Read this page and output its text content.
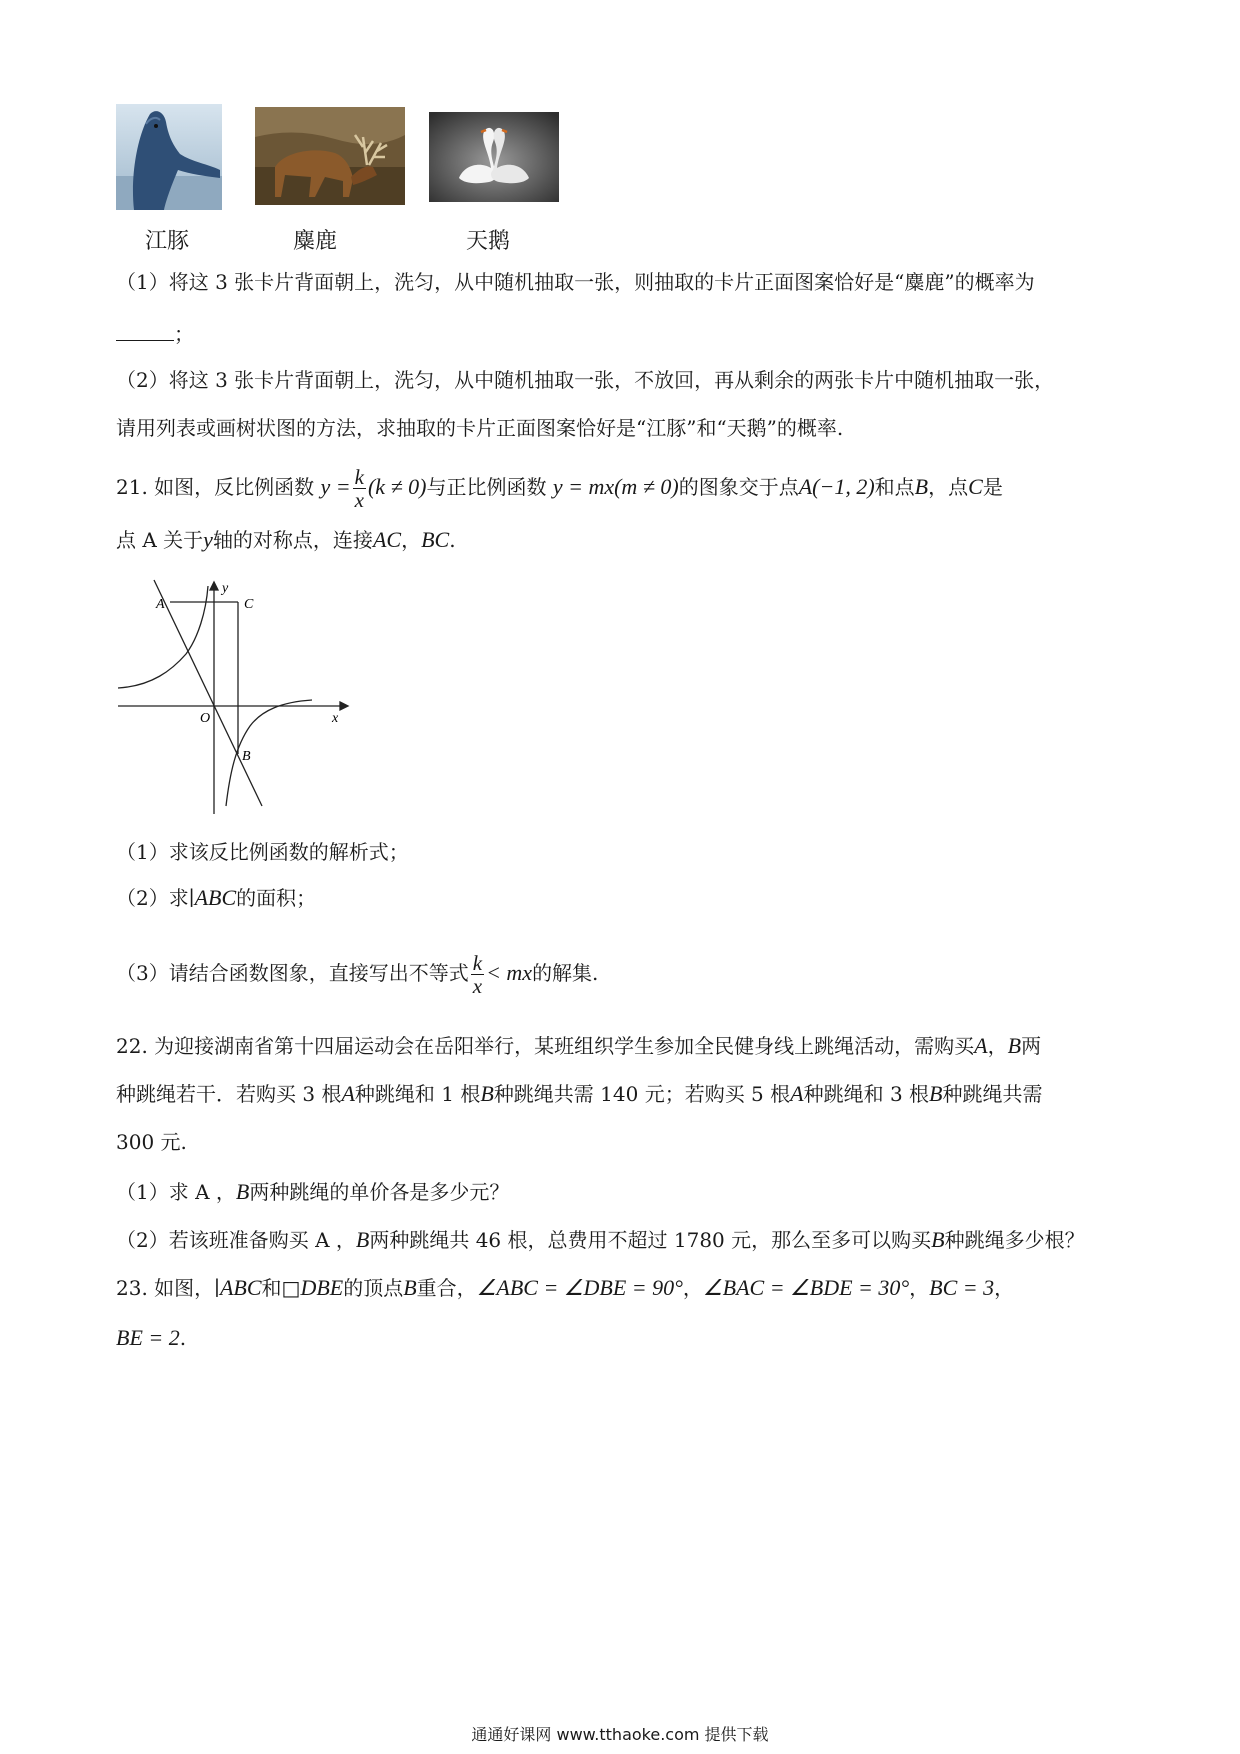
江豚	麋鹿	天鹅
（1）将这 3 张卡片背面朝上，洗匀，从中随机抽取一张，则抽取的卡片正面图案恰好是“麋鹿”的概率为
；
（2）将这 3 张卡片背面朝上，洗匀，从中随机抽取一张，不放回，再从剩余的两张卡片中随机抽取一张，
请用列表或画树状图的方法，求抽取的卡片正面图案恰好是“江豚”和“天鹅”的概率.
21. 如图，反比例函数 $y = \frac{k}{x} (k \ne 0)$与正比例函数 y = mx(m ≠ 0)的图象交于点A(−1, 2)和点B，点C是
点 A 关于y轴的对称点，连接AC，BC.
A	C
O
B
x
y
（1）求该反比例函数的解析式；
（2）求∣ABC的面积；
（3）请结合函数图象，直接写出不等式 $\frac{k}{x}$ < mx的解集.
22. 为迎接湖南省第十四届运动会在岳阳举行，某班组织学生参加全民健身线上跳绳活动，需购买A，B两
种跳绳若干．若购买 3 根A种跳绳和 1 根B种跳绳共需 140 元；若购买 5 根A种跳绳和 3 根B种跳绳共需
300 元.
（1）求 A ，B两种跳绳的单价各是多少元？
（2）若该班准备购买 A ，B两种跳绳共 46 根，总费用不超过 1780 元，那么至多可以购买B种跳绳多少根？
23. 如图，∣ABC和□DBE的顶点B重合，∠ABC = ∠DBE = 90°，∠BAC = ∠BDE = 30°，BC = 3，
BE = 2.
通通好课网 www.tthaoke.com 提供下载
